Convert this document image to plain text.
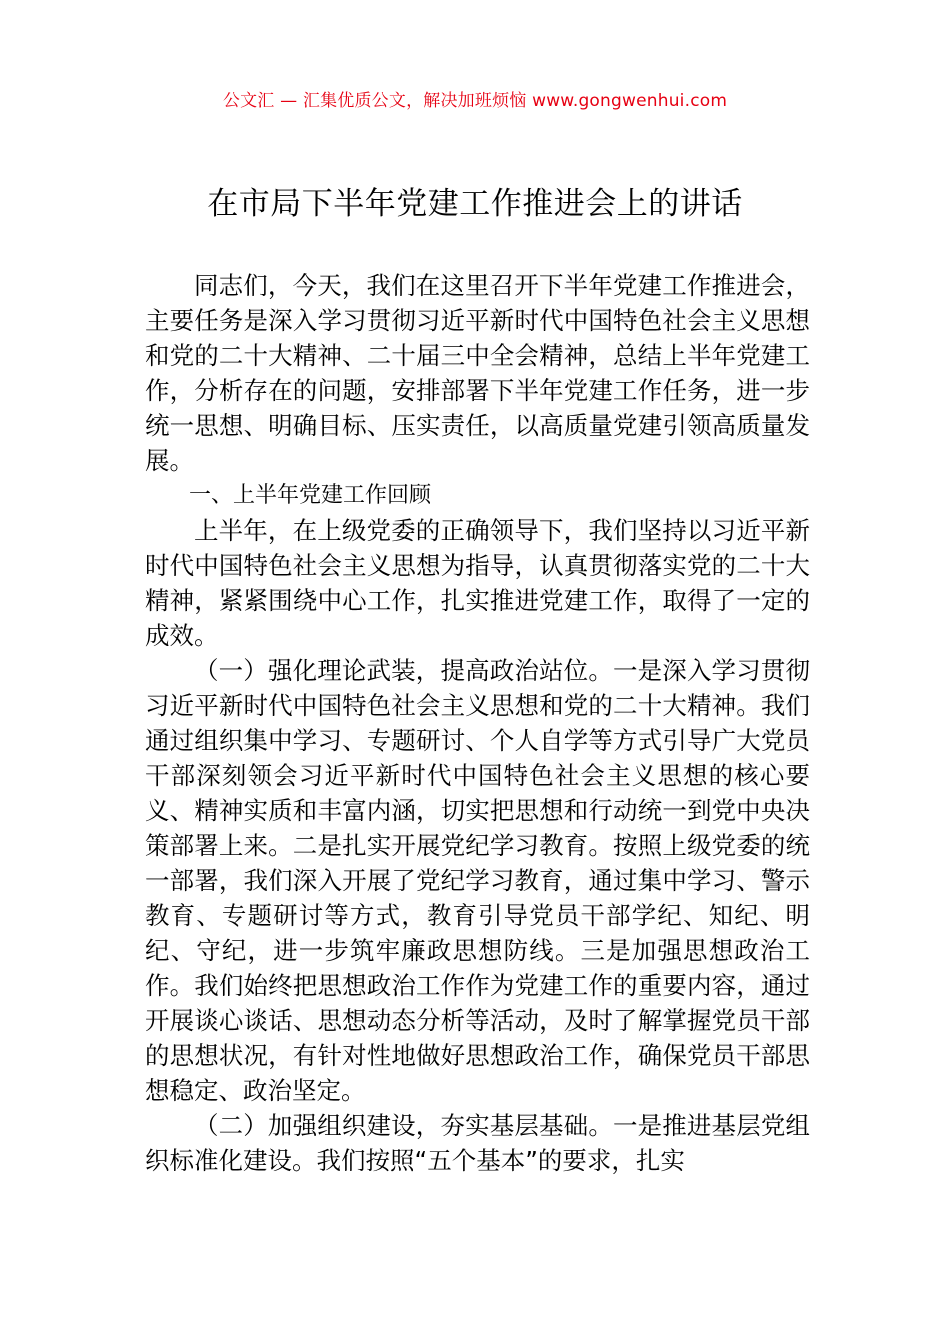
公文汇 — 汇集优质公文，解决加班烦恼 www.gongwenhui.com
在市局下半年党建工作推进会上的讲话

同志们，今天，我们在这里召开下半年党建工作推进会，主要任务是深入学习贯彻习近平新时代中国特色社会主义思想和党的二十大精神、二十届三中全会精神，总结上半年党建工作，分析存在的问题，安排部署下半年党建工作任务，进一步统一思想、明确目标、压实责任，以高质量党建引领高质量发展。

一、上半年党建工作回顾

上半年，在上级党委的正确领导下，我们坚持以习近平新时代中国特色社会主义思想为指导，认真贯彻落实党的二十大精神，紧紧围绕中心工作，扎实推进党建工作，取得了一定的成效。

（一）强化理论武装，提高政治站位。一是深入学习贯彻习近平新时代中国特色社会主义思想和党的二十大精神。我们通过组织集中学习、专题研讨、个人自学等方式引导广大党员干部深刻领会习近平新时代中国特色社会主义思想的核心要义、精神实质和丰富内涵，切实把思想和行动统一到党中央决策部署上来。二是扎实开展党纪学习教育。按照上级党委的统一部署，我们深入开展了党纪学习教育，通过集中学习、警示教育、专题研讨等方式，教育引导党员干部学纪、知纪、明纪、守纪，进一步筑牢廉政思想防线。三是加强思想政治工作。我们始终把思想政治工作作为党建工作的重要内容，通过开展谈心谈话、思想动态分析等活动，及时了解掌握党员干部的思想状况，有针对性地做好思想政治工作，确保党员干部思想稳定、政治坚定。

（二）加强组织建设，夯实基层基础。一是推进基层党组织标准化建设。我们按照“五个基本”的要求，扎实
